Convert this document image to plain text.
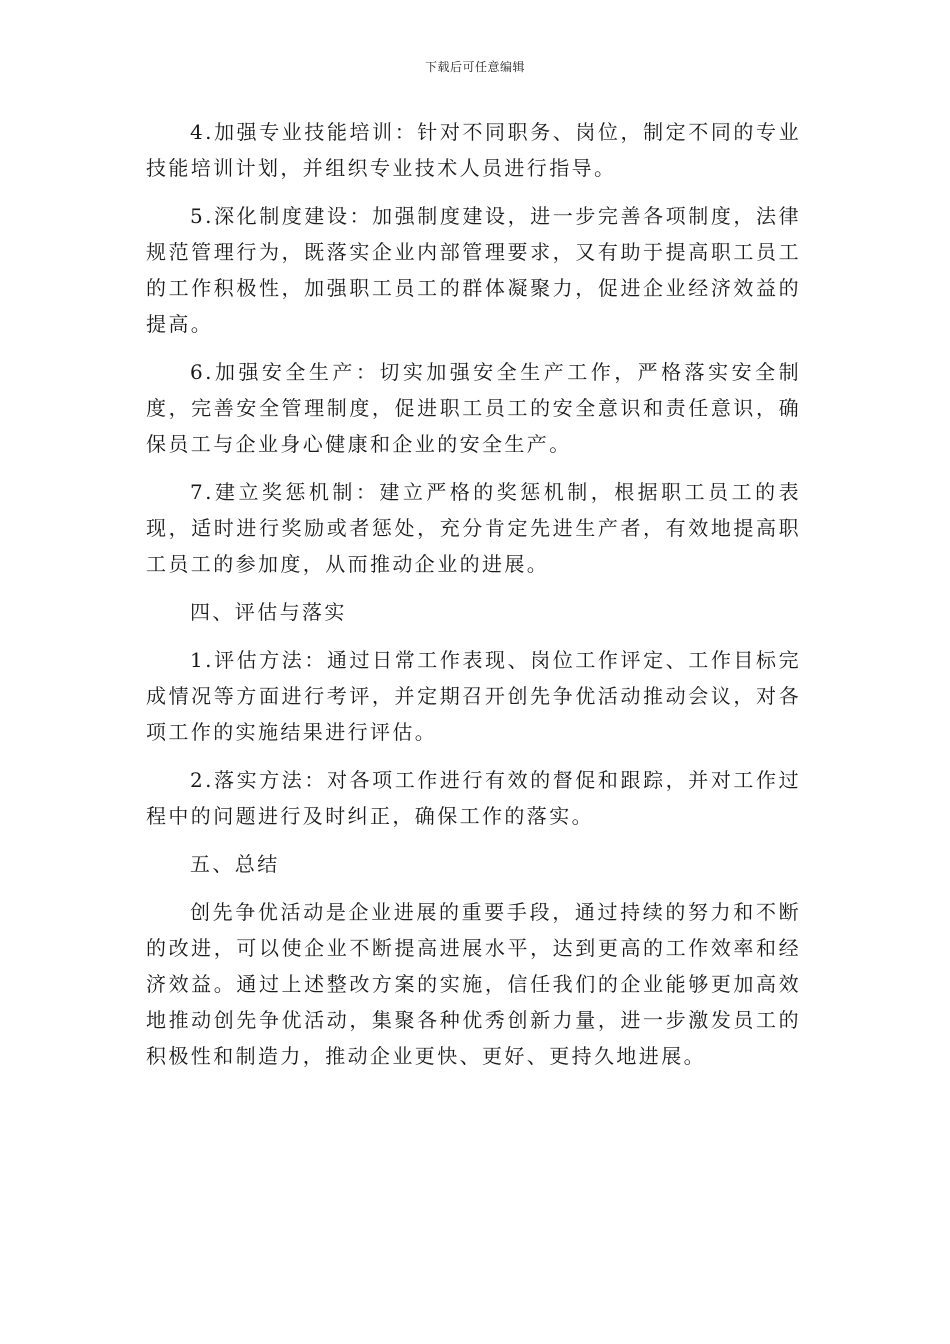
下载后可任意编辑

4.加强专业技能培训：针对不同职务、岗位，制定不同的专业技能培训计划，并组织专业技术人员进行指导。

5.深化制度建设：加强制度建设，进一步完善各项制度，法律规范管理行为，既落实企业内部管理要求，又有助于提高职工员工的工作积极性，加强职工员工的群体凝聚力，促进企业经济效益的提高。

6.加强安全生产：切实加强安全生产工作，严格落实安全制度，完善安全管理制度，促进职工员工的安全意识和责任意识，确保员工与企业身心健康和企业的安全生产。

7.建立奖惩机制：建立严格的奖惩机制，根据职工员工的表现，适时进行奖励或者惩处，充分肯定先进生产者，有效地提高职工员工的参加度，从而推动企业的进展。

四、评估与落实

1.评估方法：通过日常工作表现、岗位工作评定、工作目标完成情况等方面进行考评，并定期召开创先争优活动推动会议，对各项工作的实施结果进行评估。

2.落实方法：对各项工作进行有效的督促和跟踪，并对工作过程中的问题进行及时纠正，确保工作的落实。

五、总结

创先争优活动是企业进展的重要手段，通过持续的努力和不断的改进，可以使企业不断提高进展水平，达到更高的工作效率和经济效益。通过上述整改方案的实施，信任我们的企业能够更加高效地推动创先争优活动，集聚各种优秀创新力量，进一步激发员工的积极性和制造力，推动企业更快、更好、更持久地进展。
